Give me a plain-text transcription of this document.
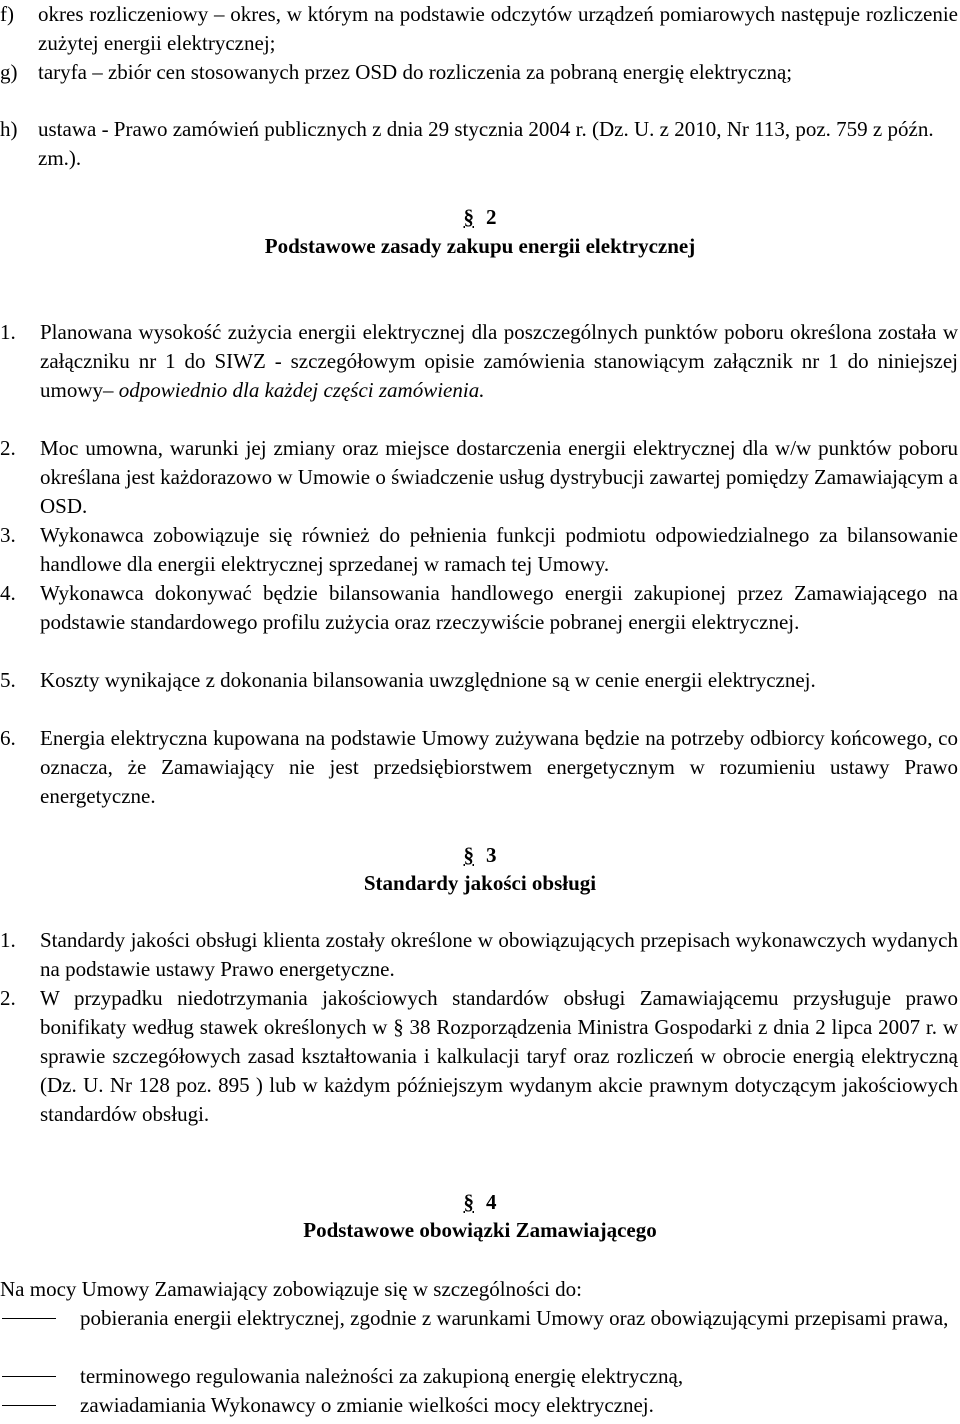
f) okres rozliczeniowy – okres, w którym na podstawie odczytów urządzeń pomiarowych następuje rozliczenie zużytej energii elektrycznej;
g) taryfa – zbiór cen stosowanych przez OSD do rozliczenia za pobraną energię elektryczną;
h) ustawa - Prawo zamówień publicznych z dnia 29 stycznia 2004 r. (Dz. U. z 2010, Nr 113, poz. 759 z późn. zm.).
§ 2
Podstawowe zasady zakupu energii elektrycznej
1. Planowana wysokość zużycia energii elektrycznej dla poszczególnych punktów poboru określona została w załączniku nr 1 do SIWZ - szczegółowym opisie zamówienia stanowiącym załącznik nr 1 do niniejszej umowy– odpowiednio dla każdej części zamówienia.
2. Moc umowna, warunki jej zmiany oraz miejsce dostarczenia energii elektrycznej dla w/w punktów poboru określana jest każdorazowo w Umowie o świadczenie usług dystrybucji zawartej pomiędzy Zamawiającym a OSD.
3. Wykonawca zobowiązuje się również do pełnienia funkcji podmiotu odpowiedzialnego za bilansowanie handlowe dla energii elektrycznej sprzedanej w ramach tej Umowy.
4. Wykonawca dokonywać będzie bilansowania handlowego energii zakupionej przez Zamawiającego na podstawie standardowego profilu zużycia oraz rzeczywiście pobranej energii elektrycznej.
5. Koszty wynikające z dokonania bilansowania uwzględnione są w cenie energii elektrycznej.
6. Energia elektryczna kupowana na podstawie Umowy zużywana będzie na potrzeby odbiorcy końcowego, co oznacza, że Zamawiający nie jest przedsiębiorstwem energetycznym w rozumieniu ustawy Prawo energetyczne.
§ 3
Standardy jakości obsługi
1. Standardy jakości obsługi klienta zostały określone w obowiązujących przepisach wykonawczych wydanych na podstawie ustawy Prawo energetyczne.
2. W przypadku niedotrzymania jakościowych standardów obsługi Zamawiającemu przysługuje prawo bonifikaty według stawek określonych w § 38 Rozporządzenia Ministra Gospodarki z dnia 2 lipca 2007 r. w sprawie szczegółowych zasad kształtowania i kalkulacji taryf oraz rozliczeń w obrocie energią elektryczną (Dz. U. Nr 128 poz. 895 ) lub w każdym późniejszym wydanym akcie prawnym dotyczącym jakościowych standardów obsługi.
§ 4
Podstawowe obowiązki Zamawiającego
Na mocy Umowy Zamawiający zobowiązuje się w szczególności do:
pobierania energii elektrycznej, zgodnie z warunkami Umowy oraz obowiązującymi przepisami prawa,
terminowego regulowania należności za zakupioną energię elektryczną,
zawiadamiania Wykonawcy o zmianie wielkości mocy elektrycznej.
